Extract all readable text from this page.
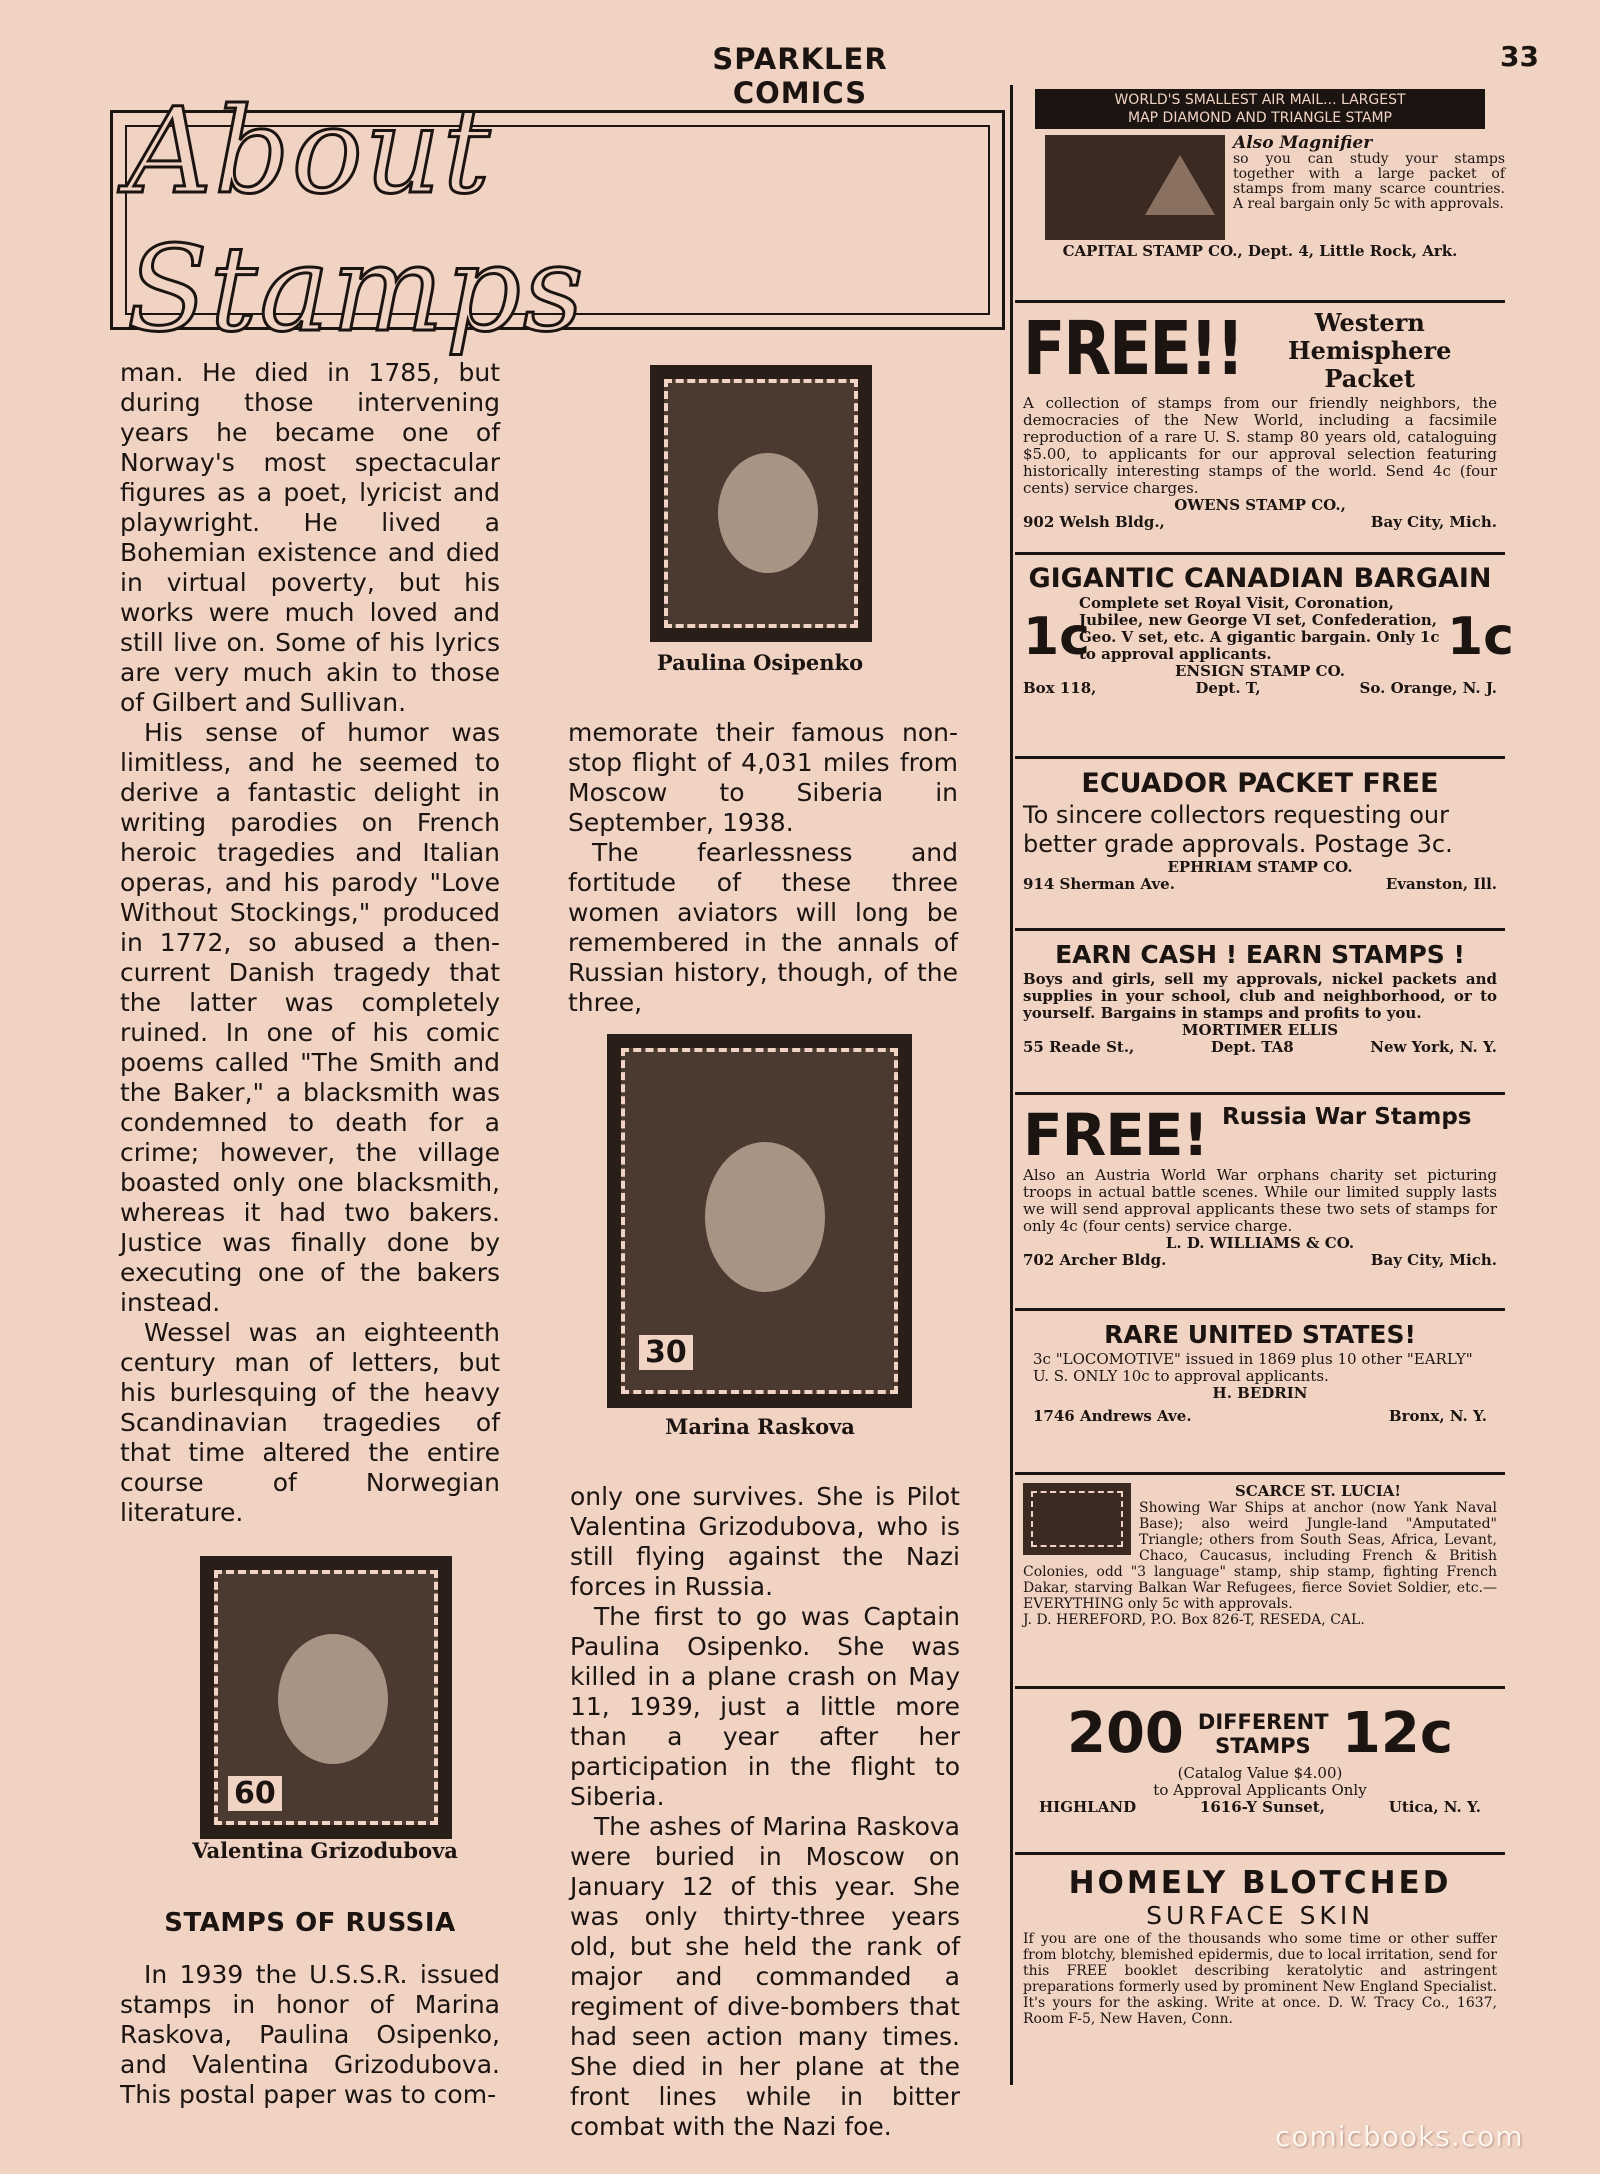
SPARKLER COMICS
33
About Stamps

man. He died in 1785, but during those intervening years he became one of Norway's most spectacular figures as a poet, lyricist and playwright. He lived a Bohemian existence and died in virtual poverty, but his works were much loved and still live on. Some of his lyrics are very much akin to those of Gilbert and Sullivan.

His sense of humor was limitless, and he seemed to derive a fantastic delight in writing parodies on French heroic tragedies and Italian operas, and his parody "Love Without Stockings," produced in 1772, so abused a then-current Danish tragedy that the latter was completely ruined. In one of his comic poems called "The Smith and the Baker," a blacksmith was condemned to death for a crime; however, the village boasted only one blacksmith, whereas it had two bakers. Justice was finally done by executing one of the bakers instead.

Wessel was an eighteenth century man of letters, but his burlesquing of the heavy Scandinavian tragedies of that time altered the entire course of Norwegian literature.

60
Valentina Grizodubova
STAMPS OF RUSSIA

In 1939 the U.S.S.R. issued stamps in honor of Marina Raskova, Paulina Osipenko, and Valentina Grizodubova. This postal paper was to com-

Paulina Osipenko

memorate their famous non-stop flight of 4,031 miles from Moscow to Siberia in September, 1938.

The fearlessness and fortitude of these three women aviators will long be remembered in the annals of Russian history, though, of the three,

30
Marina Raskova

only one survives. She is Pilot Valentina Grizodubova, who is still flying against the Nazi forces in Russia.

The first to go was Captain Paulina Osipenko. She was killed in a plane crash on May 11, 1939, just a little more than a year after her participation in the flight to Siberia.

The ashes of Marina Raskova were buried in Moscow on January 12 of this year. She was only thirty-three years old, but she held the rank of major and commanded a regiment of dive-bombers that had seen action many times. She died in her plane at the front lines while in bitter combat with the Nazi foe.

WORLD'S SMALLEST AIR MAIL... LARGEST
MAP DIAMOND AND TRIANGLE STAMP
Also Magnifier
so you can study your stamps together with a large packet of stamps from many scarce countries. A real bargain only 5c with approvals.
CAPITAL STAMP CO., Dept. 4, Little Rock, Ark.
FREE!!	Western Hemisphere Packet
A collection of stamps from our friendly neighbors, the democracies of the New World, including a facsimile reproduction of a rare U. S. stamp 80 years old, cataloguing $5.00, to applicants for our approval selection featuring historically interesting stamps of the world. Send 4c (four cents) service charges.
OWENS STAMP CO.,
902 Welsh Bldg.,	Bay City, Mich.
GIGANTIC CANADIAN BARGAIN
1c
Complete set Royal Visit, Coronation, Jubilee, new George VI set, Confederation, Geo. V set, etc. A gigantic bargain. Only 1c to approval applicants.
ENSIGN STAMP CO.
1c
Box 118,	Dept. T,	So. Orange, N. J.
ECUADOR PACKET FREE
To sincere collectors requesting our better grade approvals. Postage 3c.
EPHRIAM STAMP CO.
914 Sherman Ave.	Evanston, Ill.
EARN CASH ! EARN STAMPS !
Boys and girls, sell my approvals, nickel packets and supplies in your school, club and neighborhood, or to yourself. Bargains in stamps and profits to you.
MORTIMER ELLIS
55 Reade St.,	Dept. TA8	New York, N. Y.
FREE! Russia War Stamps
Also an Austria World War orphans charity set picturing troops in actual battle scenes. While our limited supply lasts we will send approval applicants these two sets of stamps for only 4c (four cents) service charge.
L. D. WILLIAMS & CO.
702 Archer Bldg.	Bay City, Mich.
RARE UNITED STATES!
3c "LOCOMOTIVE" issued in 1869 plus 10 other "EARLY" U. S. ONLY 10c to approval applicants.
H. BEDRIN
1746 Andrews Ave.	Bronx, N. Y.
SCARCE ST. LUCIA!
Showing War Ships at anchor (now Yank Naval Base); also weird Jungle-land "Amputated" Triangle; others from South Seas, Africa, Levant, Chaco, Caucasus, including French & British Colonies, odd "3 language" stamp, ship stamp, fighting French Dakar, starving Balkan War Refugees, fierce Soviet Soldier, etc.— EVERYTHING only 5c with approvals.
J. D. HEREFORD, P.O. Box 826-T, RESEDA, CAL.
200 DIFFERENT STAMPS 12c
(Catalog Value $4.00)
to Approval Applicants Only
HIGHLAND	1616-Y Sunset,	Utica, N. Y.
HOMELY BLOTCHED
SURFACE SKIN
If you are one of the thousands who some time or other suffer from blotchy, blemished epidermis, due to local irritation, send for this FREE booklet describing keratolytic and astringent preparations formerly used by prominent New England Specialist. It's yours for the asking. Write at once. D. W. Tracy Co., 1637, Room F-5, New Haven, Conn.
comicbooks.com
